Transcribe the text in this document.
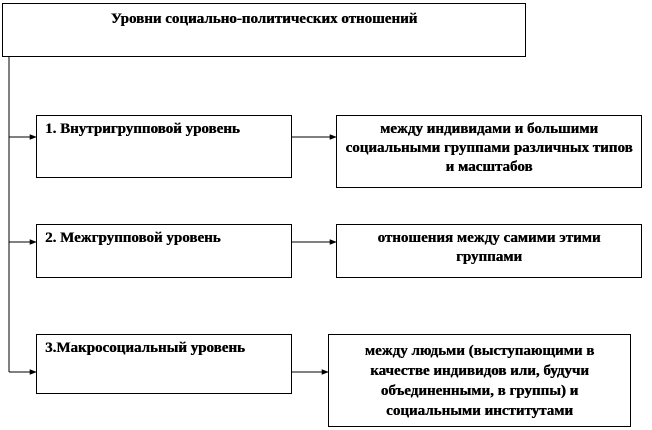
Уровни социально-политических отношений
1. Внутригрупповой уровень	между индивидами и большими социальными группами различных типов и масштабов
2. Межгрупповой уровень	отношения между самими этими группами
3.Макросоциальный уровень	между людьми (выступающими в качестве индивидов или, будучи объединенными, в группы) и социальными институтами
